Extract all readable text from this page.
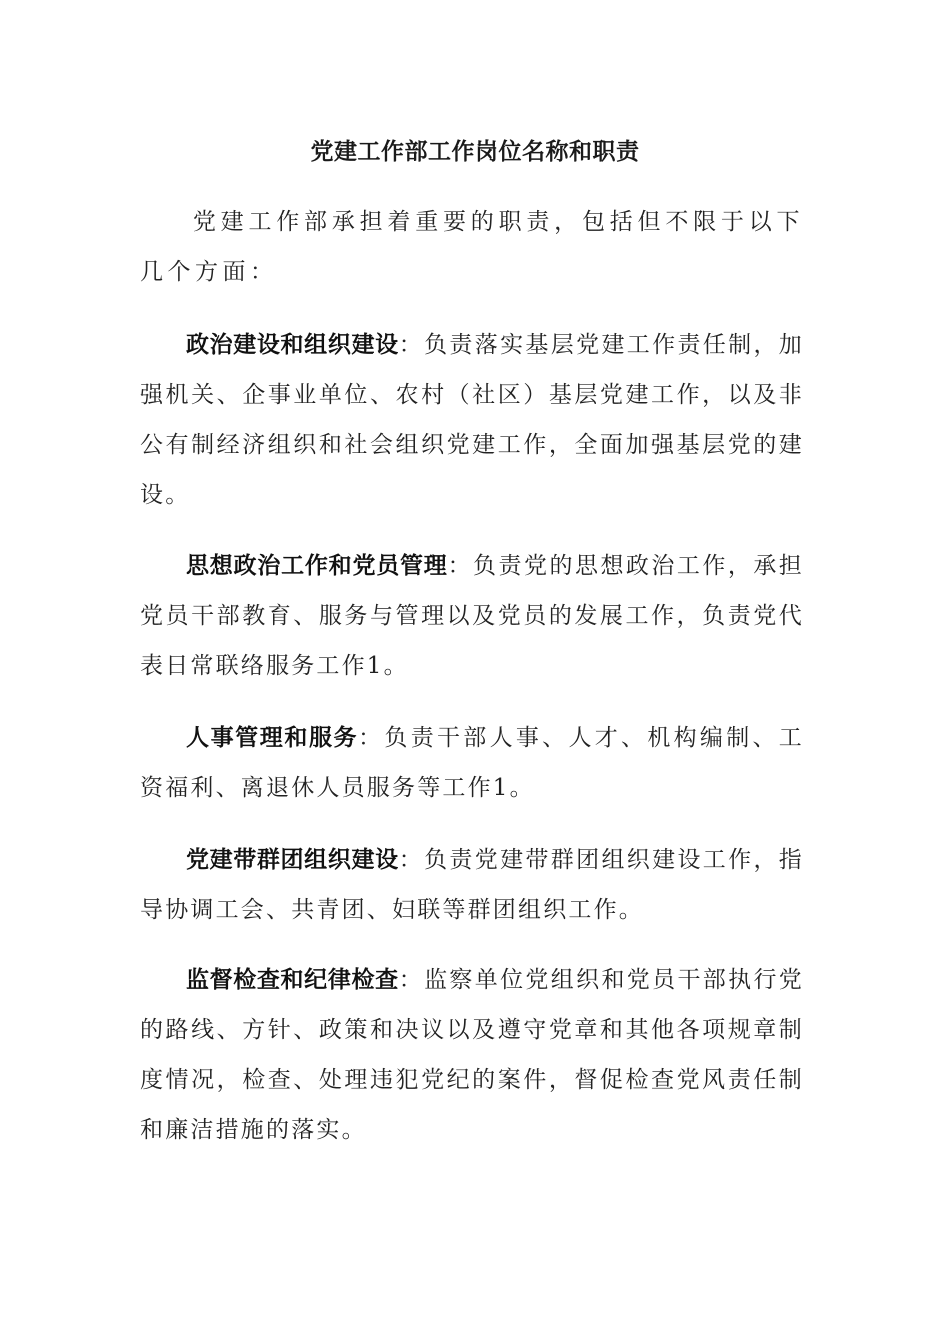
党建工作部工作岗位名称和职责

党建工作部承担着重要的职责，包括但不限于以下几个方面：

政治建设和组织建设：负责落实基层党建工作责任制，加强机关、企事业单位、农村（社区）基层党建工作，以及非公有制经济组织和社会组织党建工作，全面加强基层党的建设。

思想政治工作和党员管理：负责党的思想政治工作，承担党员干部教育、服务与管理以及党员的发展工作，负责党代表日常联络服务工作1。

人事管理和服务：负责干部人事、人才、机构编制、工资福利、离退休人员服务等工作1。

党建带群团组织建设：负责党建带群团组织建设工作，指导协调工会、共青团、妇联等群团组织工作。

监督检查和纪律检查：监察单位党组织和党员干部执行党的路线、方针、政策和决议以及遵守党章和其他各项规章制度情况，检查、处理违犯党纪的案件，督促检查党风责任制和廉洁措施的落实。
